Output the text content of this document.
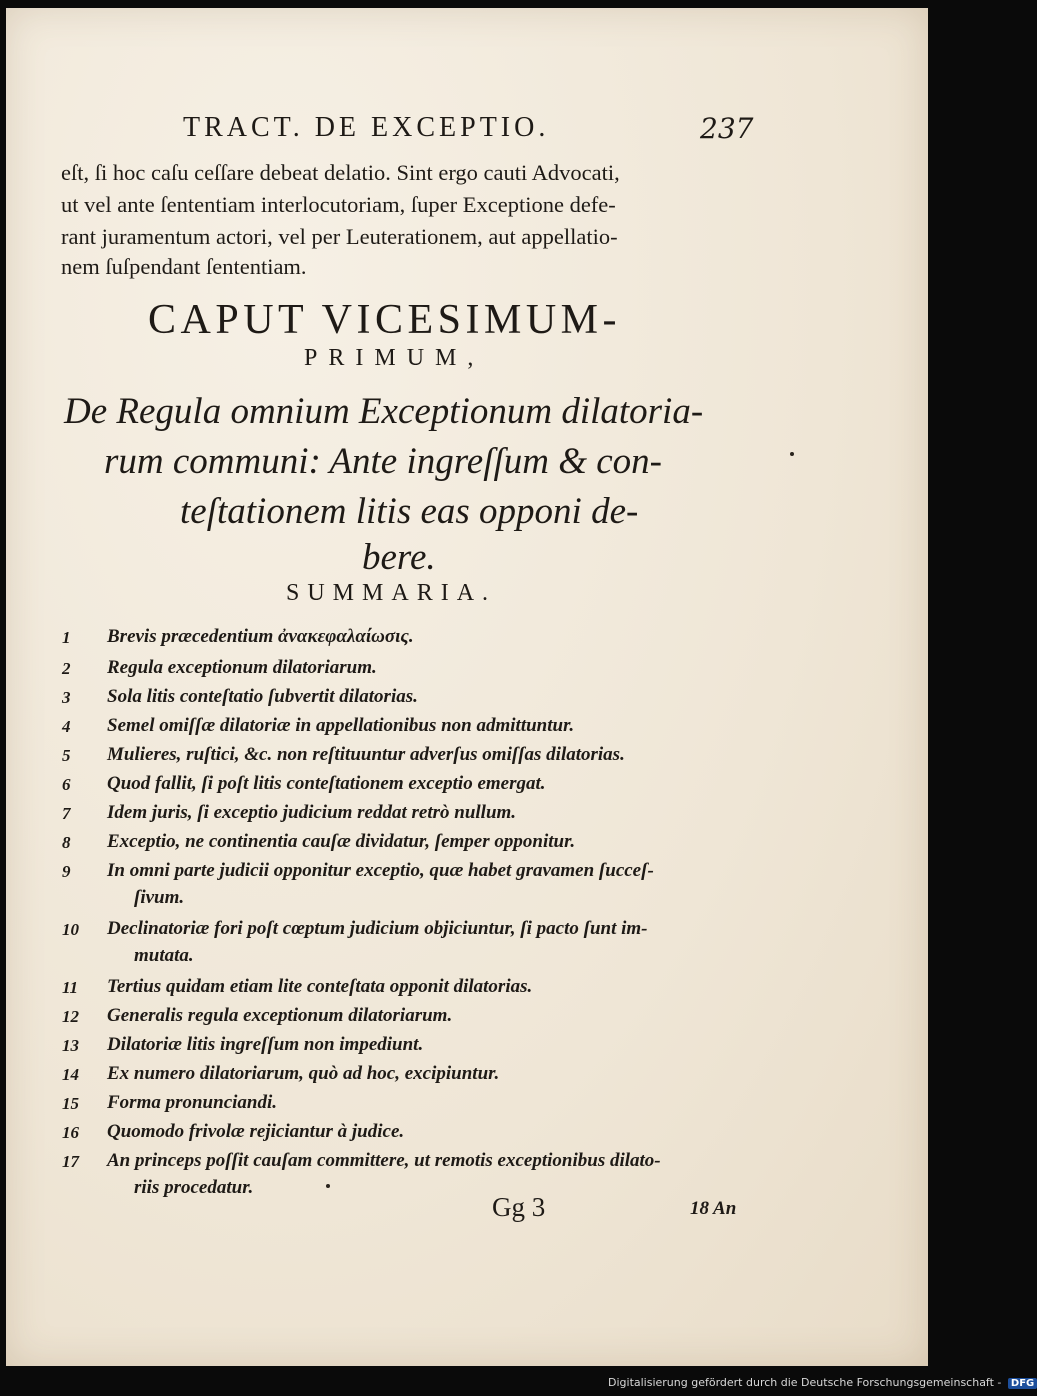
TRACT. DE EXCEPTIO.	237
eſt, ſi hoc caſu ceſſare debeat delatio. Sint ergo cauti Advocati,
ut vel ante ſententiam interlocutoriam, ſuper Exceptione defe-
rant juramentum actori, vel per Leuterationem, aut appellatio-
nem ſuſpendant ſententiam.
CAPUT VICESIMUM-
PRIMUM,
De Regula omnium Exceptionum dilatoria-
rum communi: Ante ingreſſum & con-
teſtationem litis eas opponi de-
bere.
SUMMARIA.
1	Brevis præcedentium ἀνακεφαλαίωσις.
2	Regula exceptionum dilatoriarum.
3	Sola litis conteſtatio ſubvertit dilatorias.
4	Semel omiſſæ dilatoriæ in appellationibus non admittuntur.
5	Mulieres, ruſtici, &c. non reſtituuntur adverſus omiſſas dilatorias.
6	Quod fallit, ſi poſt litis conteſtationem exceptio emergat.
7	Idem juris, ſi exceptio judicium reddat retrò nullum.
8	Exceptio, ne continentia cauſæ dividatur, ſemper opponitur.
9	In omni parte judicii opponitur exceptio, quæ habet gravamen ſucceſ-
ſivum.
10	Declinatoriæ fori poſt cœptum judicium objiciuntur, ſi pacto ſunt im-
mutata.
11	Tertius quidam etiam lite conteſtata opponit dilatorias.
12	Generalis regula exceptionum dilatoriarum.
13	Dilatoriæ litis ingreſſum non impediunt.
14	Ex numero dilatoriarum, quò ad hoc, excipiuntur.
15	Forma pronunciandi.
16	Quomodo frivolæ rejiciantur à judice.
17	An princeps poſſit cauſam committere, ut remotis exceptionibus dilato-
riis procedatur.
Gg 3	18 An
Digitalisierung gefördert durch die Deutsche Forschungsgemeinschaft - DFG
